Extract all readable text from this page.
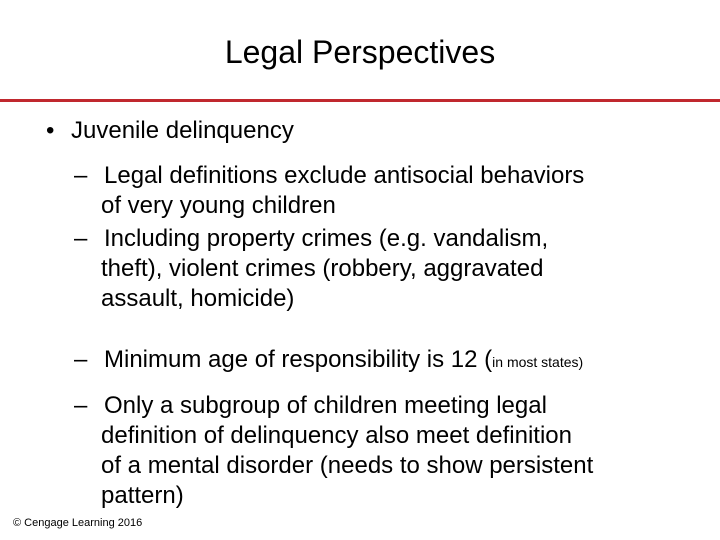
Legal Perspectives
• Juvenile delinquency
– Legal definitions exclude antisocial behaviors
of very young children
– Including property crimes (e.g. vandalism,
theft), violent crimes (robbery, aggravated
assault, homicide)
– Minimum age of responsibility is 12 (in most states)
– Only a subgroup of children meeting legal
definition of delinquency also meet definition
of a mental disorder (needs to show persistent
pattern)
© Cengage Learning 2016
